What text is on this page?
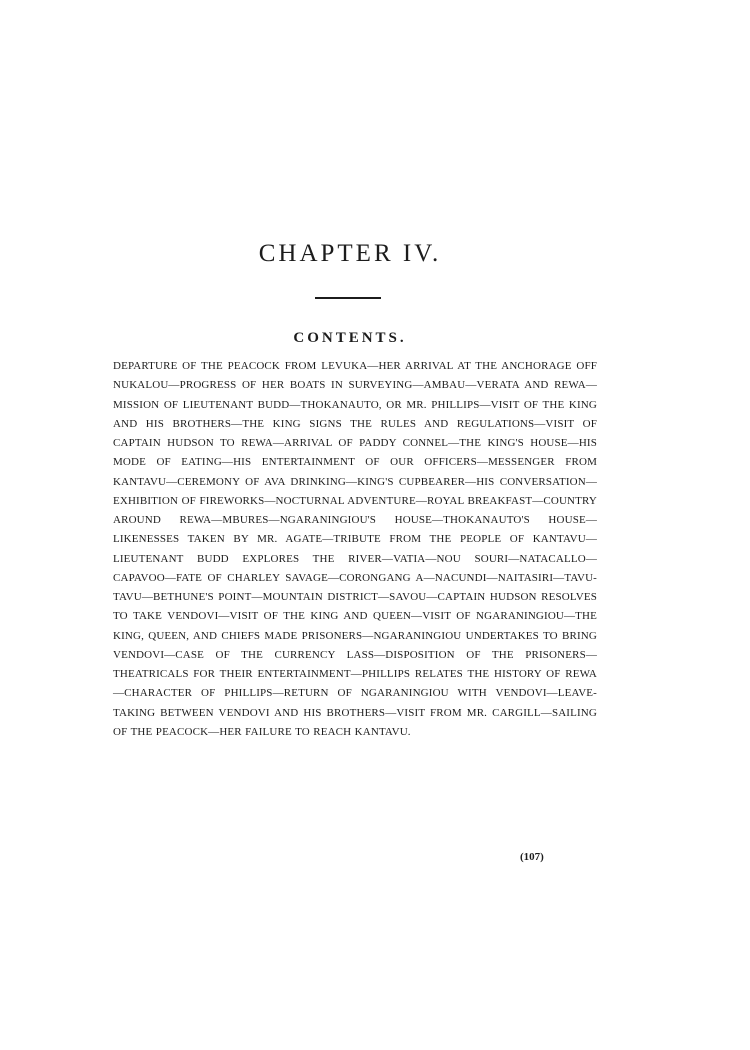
CHAPTER IV.
CONTENTS.

DEPARTURE OF THE PEACOCK FROM LEVUKA—HER ARRIVAL AT THE ANCHORAGE OFF NUKALOU—PROGRESS OF HER BOATS IN SURVEYING—AMBAU—VERATA AND REWA—MISSION OF LIEUTENANT BUDD—THOKANAUTO, OR MR. PHILLIPS—VISIT OF THE KING AND HIS BROTHERS—THE KING SIGNS THE RULES AND REGULATIONS—VISIT OF CAPTAIN HUDSON TO REWA—ARRIVAL OF PADDY CONNEL—THE KING'S HOUSE—HIS MODE OF EATING—HIS ENTERTAINMENT OF OUR OFFICERS—MESSENGER FROM KANTAVU—CEREMONY OF AVA DRINKING—KING'S CUPBEARER—HIS CONVERSATION—EXHIBITION OF FIREWORKS—NOCTURNAL ADVENTURE—ROYAL BREAKFAST—COUNTRY AROUND REWA—MBURES—NGARANINGIOU'S HOUSE—THOKANAUTO'S HOUSE—LIKENESSES TAKEN BY MR. AGATE—TRIBUTE FROM THE PEOPLE OF KANTAVU—LIEUTENANT BUDD EXPLORES THE RIVER—VATIA—NOU SOURI—NATACALLO—CAPAVOO—FATE OF CHARLEY SAVAGE—CORONGANG A—NACUNDI—NAITASIRI—TAVU-TAVU—BETHUNE'S POINT—MOUNTAIN DISTRICT—SAVOU—CAPTAIN HUDSON RESOLVES TO TAKE VENDOVI—VISIT OF THE KING AND QUEEN—VISIT OF NGARANINGIOU—THE KING, QUEEN, AND CHIEFS MADE PRISONERS—NGARANINGIOU UNDERTAKES TO BRING VENDOVI—CASE OF THE CURRENCY LASS—DISPOSITION OF THE PRISONERS—THEATRICALS FOR THEIR ENTERTAINMENT—PHILLIPS RELATES THE HISTORY OF REWA—CHARACTER OF PHILLIPS—RETURN OF NGARANINGIOU WITH VENDOVI—LEAVE-TAKING BETWEEN VENDOVI AND HIS BROTHERS—VISIT FROM MR. CARGILL—SAILING OF THE PEACOCK—HER FAILURE TO REACH KANTAVU.

(107)
